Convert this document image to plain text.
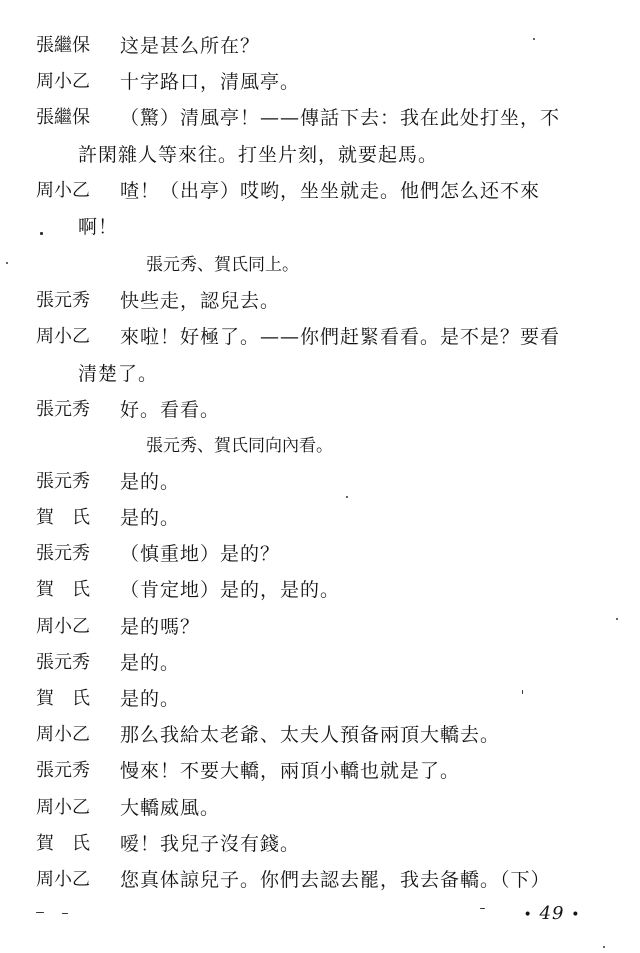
張繼保	这是甚么所在？
周小乙	十字路口，清風亭。
張繼保	（驚）清風亭！——傳話下去：我在此处打坐，不
許閑雜人等來往。打坐片刻，就要起馬。
周小乙	喳！（出亭）哎哟，坐坐就走。他們怎么还不來
啊！
張元秀、賀氏同上。
張元秀	快些走，認兒去。
周小乙	來啦！好極了。——你們赶緊看看。是不是？要看
清楚了。
張元秀	好。看看。
張元秀、賀氏同向內看。
張元秀	是的。
賀　氏	是的。
張元秀	（慎重地）是的？
賀　氏	（肯定地）是的，是的。
周小乙	是的嗎？
張元秀	是的。
賀　氏	是的。
周小乙	那么我給太老爺、太夫人預备兩頂大轎去。
張元秀	慢來！不要大轎，兩頂小轎也就是了。
周小乙	大轎威風。
賀　氏	嗳！我兒子沒有錢。
周小乙	您真体諒兒子。你們去認去罷，我去备轎。（下）
• 49 •
